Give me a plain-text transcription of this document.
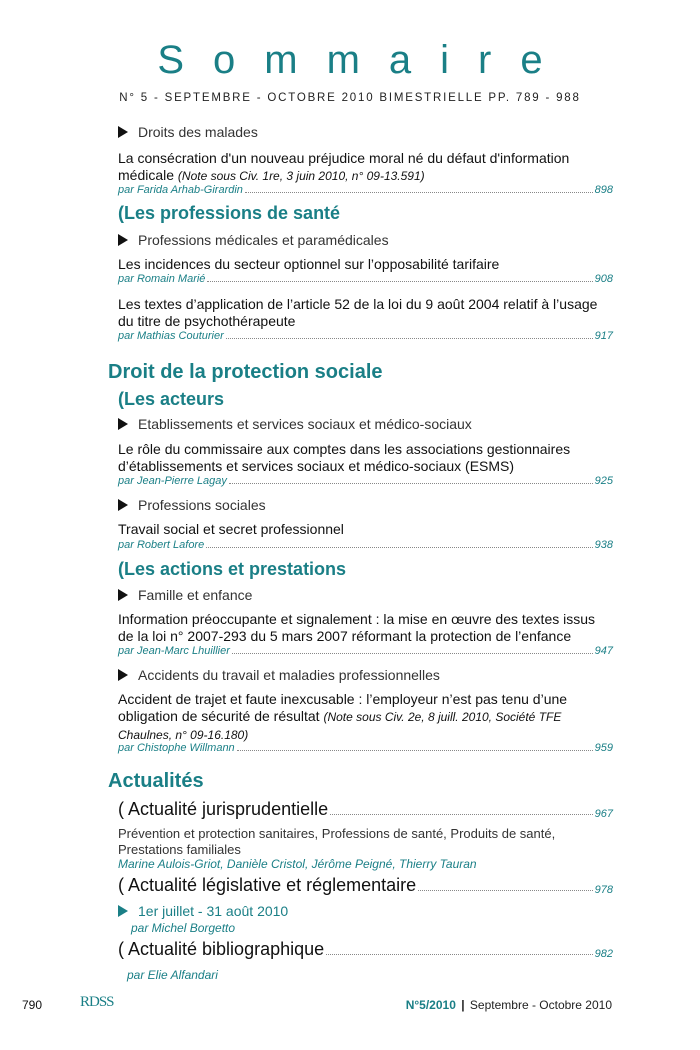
Sommaire
N° 5 - SEPTEMBRE - OCTOBRE 2010 BIMESTRIELLE PP. 789 - 988
Droits des malades
La consécration d'un nouveau préjudice moral né du défaut d'information médicale (Note sous Civ. 1re, 3 juin 2010, n° 09-13.591)
par Farida Arhab-Girardin	898
(Les professions de santé
Professions médicales et paramédicales
Les incidences du secteur optionnel sur l’opposabilité tarifaire
par Romain Marié	908
Les textes d’application de l’article 52 de la loi du 9 août 2004 relatif à l’usage du titre de psychothérapeute
par Mathias Couturier	917
Droit de la protection sociale
(Les acteurs
Etablissements et services sociaux et médico-sociaux
Le rôle du commissaire aux comptes dans les associations gestionnaires d’établissements et services sociaux et médico-sociaux (ESMS)
par Jean-Pierre Lagay	925
Professions sociales
Travail social et secret professionnel
par Robert Lafore	938
(Les actions et prestations
Famille et enfance
Information préoccupante et signalement : la mise en œuvre des textes issus de la loi n° 2007-293 du 5 mars 2007 réformant la protection de l’enfance
par Jean-Marc Lhuillier	947
Accidents du travail et maladies professionnelles
Accident de trajet et faute inexcusable : l’employeur n’est pas tenu d’une obligation de sécurité de résultat (Note sous Civ. 2e, 8 juill. 2010, Société TFE Chaulnes, n° 09-16.180)
par Chistophe Willmann	959
Actualités
( Actualité jurisprudentielle	967
Prévention et protection sanitaires, Professions de santé, Produits de santé, Prestations familiales
Marine Aulois-Griot, Danièle Cristol, Jérôme Peigné, Thierry Tauran
( Actualité législative et réglementaire	978
1er juillet - 31 août 2010
par Michel Borgetto
( Actualité bibliographique	982
par Elie Alfandari
790	RDSS	N°5/2010 | Septembre - Octobre 2010
